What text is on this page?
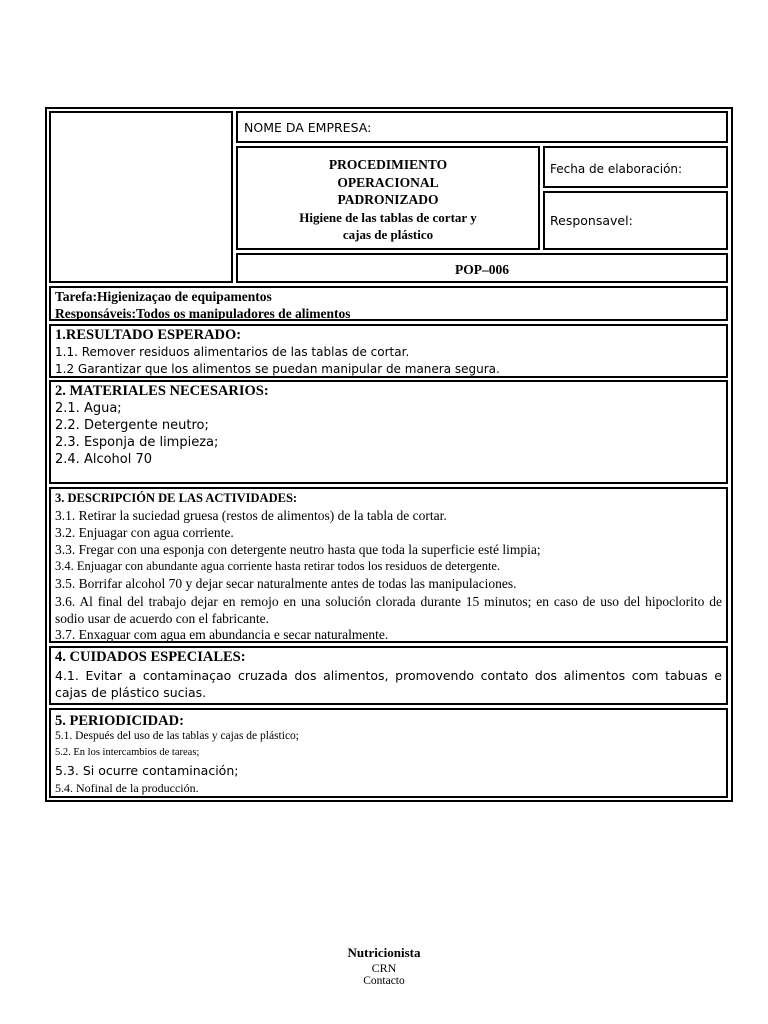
NOME DA EMPRESA:
PROCEDIMIENTO
OPERACIONAL
PADRONIZADO
Higiene de las tablas de cortar y
cajas de plástico
Fecha de elaboración:
Responsavel:
POP–006
Tarefa:Higienizaçao de equipamentos
Responsáveis:Todos os manipuladores de alimentos
1.RESULTADO ESPERADO:
1.1. Remover residuos alimentarios de las tablas de cortar.
1.2 Garantizar que los alimentos se puedan manipular de manera segura.
2. MATERIALES NECESARIOS:
2.1. Agua;
2.2. Detergente neutro;
2.3. Esponja de limpieza;
2.4. Alcohol 70
3. DESCRIPCIÓN DE LAS ACTIVIDADES:
3.1. Retirar la suciedad gruesa (restos de alimentos) de la tabla de cortar.
3.2. Enjuagar con agua corriente.
3.3. Fregar con una esponja con detergente neutro hasta que toda la superficie esté limpia;
3.4. Enjuagar con abundante agua corriente hasta retirar todos los residuos de detergente.
3.5. Borrifar alcohol 70 y dejar secar naturalmente antes de todas las manipulaciones.
3.6. Al final del trabajo dejar en remojo en una solución clorada durante 15 minutos; en caso de uso del hipoclorito de sodio usar de acuerdo con el fabricante.
3.7. Enxaguar com agua em abundancia e secar naturalmente.
4. CUIDADOS ESPECIALES:
4.1. Evitar a contaminaçao cruzada dos alimentos, promovendo contato dos alimentos com tabuas e cajas de plástico sucias.
5. PERIODICIDAD:
5.1. Después del uso de las tablas y cajas de plástico;
5.2. En los intercambios de tareas;
5.3. Si ocurre contaminación;
5.4. Nofinal de la producción.
Nutricionista
CRN
Contacto
